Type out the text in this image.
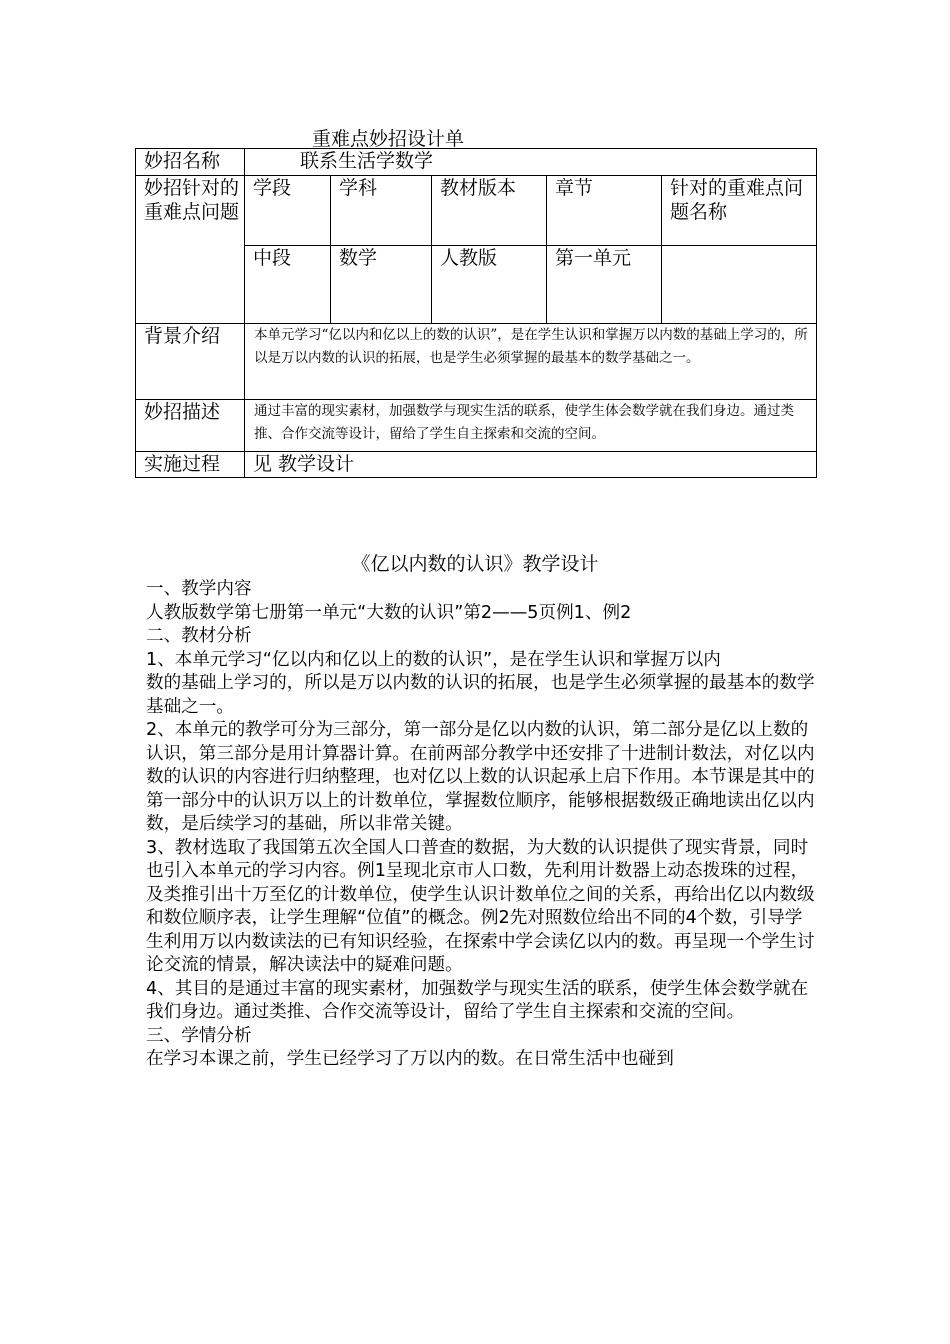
重难点妙招设计单
妙招名称	联系生活学数学				
妙招针对的重难点问题	学段	学科	教材版本	章节	针对的重难点问题名称
	中段	数学	人教版	第一单元	
背景介绍	本单元学习“亿以内和亿以上的数的认识”，是在学生认识和掌握万以内数的基础上学习的，所以是万以内数的认识的拓展，也是学生必须掌握的最基本的数学基础之一。				
妙招描述	通过丰富的现实素材，加强数学与现实生活的联系，使学生体会数学就在我们身边。通过类推、合作交流等设计，留给了学生自主探索和交流的空间。				
实施过程	见 教学设计				
《亿以内数的认识》教学设计

一、教学内容

人教版数学第七册第一单元“大数的认识”第2——5页例1、例2

二、教材分析

1、本单元学习“亿以内和亿以上的数的认识”，是在学生认识和掌握万以内

数的基础上学习的，所以是万以内数的认识的拓展，也是学生必须掌握的最基本的数学基础之一。

2、本单元的教学可分为三部分，第一部分是亿以内数的认识，第二部分是亿以上数的认识，第三部分是用计算器计算。在前两部分教学中还安排了十进制计数法，对亿以内数的认识的内容进行归纳整理，也对亿以上数的认识起承上启下作用。本节课是其中的第一部分中的认识万以上的计数单位，掌握数位顺序，能够根据数级正确地读出亿以内数，是后续学习的基础，所以非常关键。

3、教材选取了我国第五次全国人口普查的数据，为大数的认识提供了现实背景，同时也引入本单元的学习内容。例1呈现北京市人口数，先利用计数器上动态拨珠的过程，及类推引出十万至亿的计数单位，使学生认识计数单位之间的关系，再给出亿以内数级和数位顺序表，让学生理解“位值”的概念。例2先对照数位给出不同的4个数，引导学生利用万以内数读法的已有知识经验，在探索中学会读亿以内的数。再呈现一个学生讨论交流的情景，解决读法中的疑难问题。

4、其目的是通过丰富的现实素材，加强数学与现实生活的联系，使学生体会数学就在我们身边。通过类推、合作交流等设计，留给了学生自主探索和交流的空间。

三、学情分析

在学习本课之前，学生已经学习了万以内的数。在日常生活中也碰到
